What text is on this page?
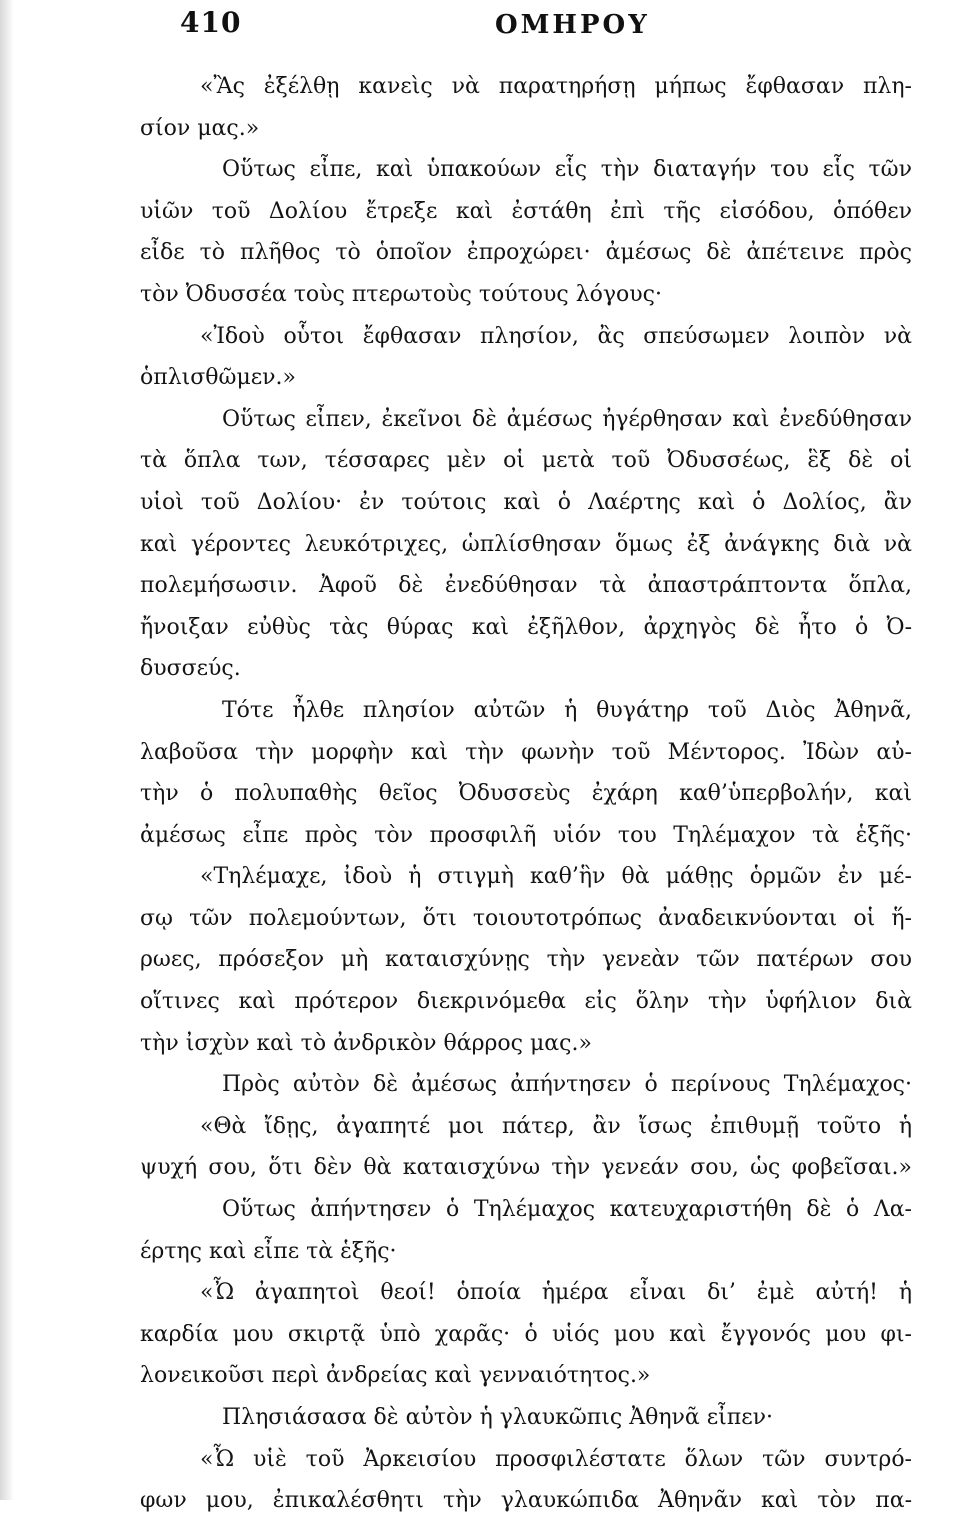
410	ΟΜΗΡΟΥ
«Ἂς ἐξέλθῃ κανεὶς νὰ παρατηρήσῃ μήπως ἔφθασαν πλη-
σίον μας.»
Οὕτως εἶπε, καὶ ὑπακούων εἷς τὴν διαταγήν του εἷς τῶν
υἱῶν τοῦ Δολίου ἔτρεξε καὶ ἐστάθη ἐπὶ τῆς εἰσόδου, ὁπόθεν
εἶδε τὸ πλῆθος τὸ ὁποῖον ἐπροχώρει· ἀμέσως δὲ ἀπέτεινε πρὸς
τὸν Ὀδυσσέα τοὺς πτερωτοὺς τούτους λόγους·
«Ἰδοὺ οὗτοι ἔφθασαν πλησίον, ἂς σπεύσωμεν λοιπὸν νὰ
ὁπλισθῶμεν.»
Οὕτως εἶπεν, ἐκεῖνοι δὲ ἀμέσως ἠγέρθησαν καὶ ἐνεδύθησαν
τὰ ὅπλα των, τέσσαρες μὲν οἱ μετὰ τοῦ Ὀδυσσέως, ἓξ δὲ οἱ
υἱοὶ τοῦ Δολίου· ἐν τούτοις καὶ ὁ Λαέρτης καὶ ὁ Δολίος, ἂν
καὶ γέροντες λευκότριχες, ὡπλίσθησαν ὅμως ἐξ ἀνάγκης διὰ νὰ
πολεμήσωσιν. Ἀφοῦ δὲ ἐνεδύθησαν τὰ ἀπαστράπτοντα ὅπλα,
ἤνοιξαν εὐθὺς τὰς θύρας καὶ ἐξῆλθον, ἀρχηγὸς δὲ ἦτο ὁ Ὀ-
δυσσεύς.
Τότε ἦλθε πλησίον αὐτῶν ἡ θυγάτηρ τοῦ Διὸς Ἀθηνᾶ,
λαβοῦσα τὴν μορφὴν καὶ τὴν φωνὴν τοῦ Μέντορος. Ἰδὼν αὐ-
τὴν ὁ πολυπαθὴς θεῖος Ὀδυσσεὺς ἐχάρη καθ’ὑπερβολήν, καὶ
ἀμέσως εἶπε πρὸς τὸν προσφιλῆ υἱόν του Τηλέμαχον τὰ ἑξῆς·
«Τηλέμαχε, ἰδοὺ ἡ στιγμὴ καθ’ἣν θὰ μάθῃς ὁρμῶν ἐν μέ-
σῳ τῶν πολεμούντων, ὅτι τοιουτοτρόπως ἀναδεικνύονται οἱ ἥ-
ρωες, πρόσεξον μὴ καταισχύνῃς τὴν γενεὰν τῶν πατέρων σου
οἵτινες καὶ πρότερον διεκρινόμεθα εἰς ὅλην τὴν ὑφήλιον διὰ
τὴν ἰσχὺν καὶ τὸ ἀνδρικὸν θάρρος μας.»
Πρὸς αὐτὸν δὲ ἀμέσως ἀπήντησεν ὁ περίνους Τηλέμαχος·
«Θὰ ἴδῃς, ἀγαπητέ μοι πάτερ, ἂν ἴσως ἐπιθυμῇ τοῦτο ἡ
ψυχή σου, ὅτι δὲν θὰ καταισχύνω τὴν γενεάν σου, ὡς φοβεῖσαι.»
Οὕτως ἀπήντησεν ὁ Τηλέμαχος κατευχαριστήθη δὲ ὁ Λα-
έρτης καὶ εἶπε τὰ ἑξῆς·
«Ὦ ἀγαπητοὶ θεοί! ὁποία ἡμέρα εἶναι δι’ ἐμὲ αὐτή! ἡ
καρδία μου σκιρτᾷ ὑπὸ χαρᾶς· ὁ υἱός μου καὶ ἔγγονός μου φι-
λονεικοῦσι περὶ ἀνδρείας καὶ γενναιότητος.»
Πλησιάσασα δὲ αὐτὸν ἡ γλαυκῶπις Ἀθηνᾶ εἶπεν·
«Ὦ υἱὲ τοῦ Ἀρκεισίου προσφιλέστατε ὅλων τῶν συντρό-
φων μου, ἐπικαλέσθητι τὴν γλαυκώπιδα Ἀθηνᾶν καὶ τὸν πα-
